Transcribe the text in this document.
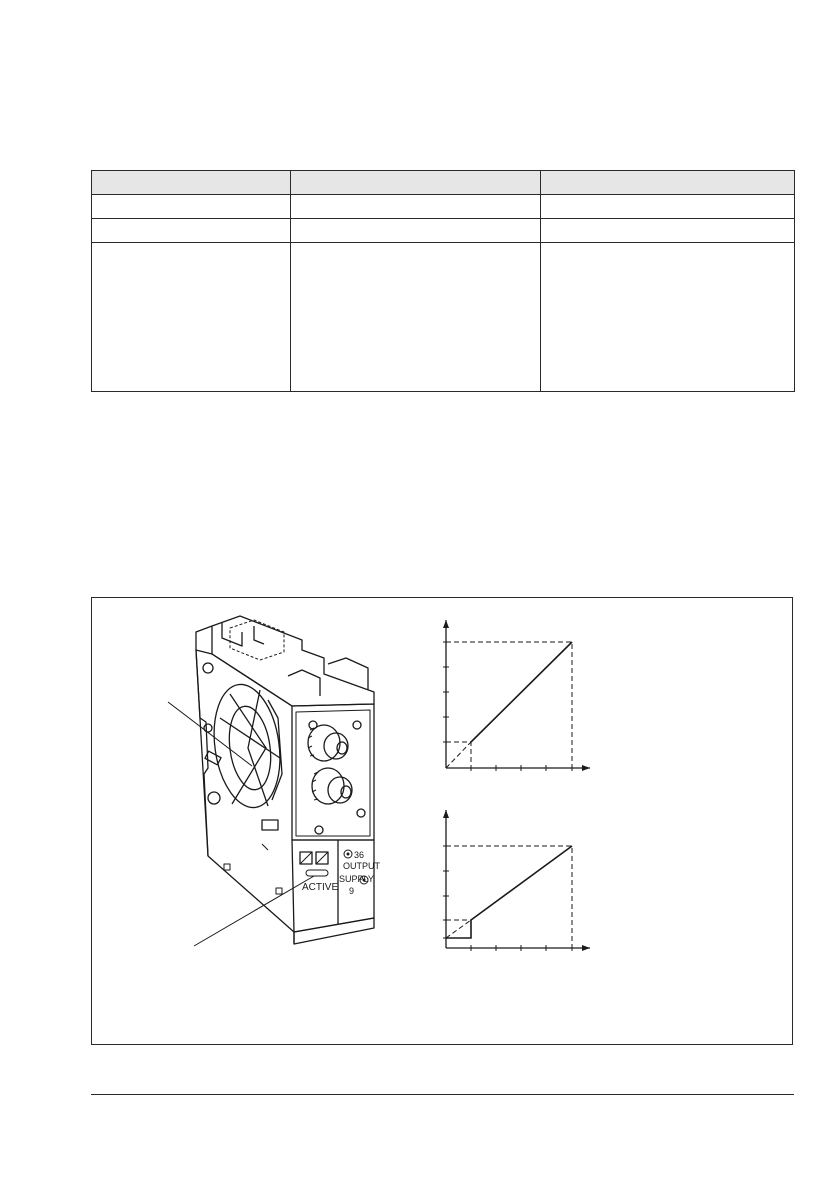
ACTIVE
36
OUTPUT
SUPPLY
9
